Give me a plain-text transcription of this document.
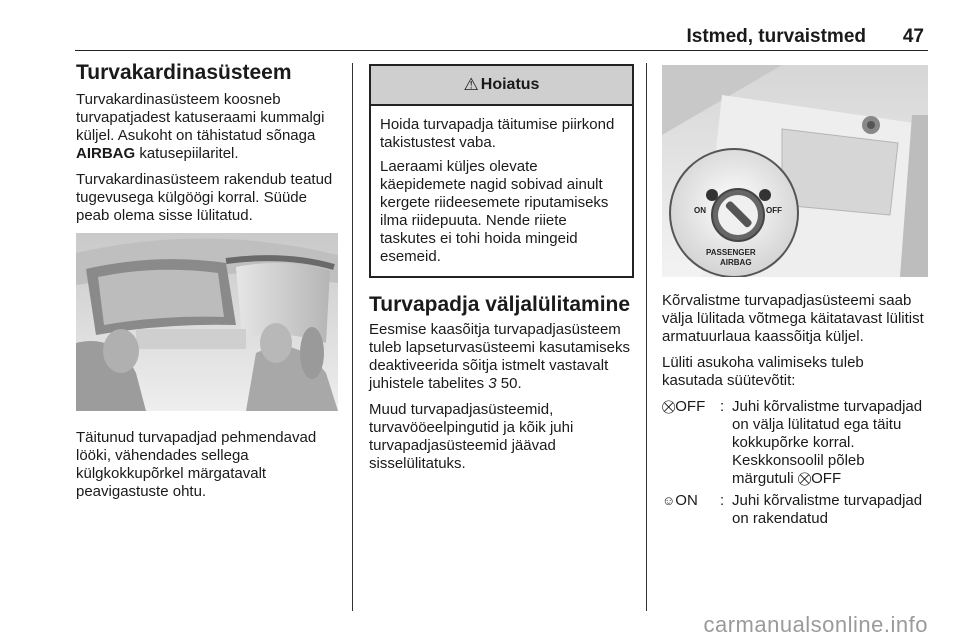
Istmed, turvaistmed 47
Turvakardinasüsteem

Turvakardinasüsteem koosneb turvapatjadest katuseraami kummalgi küljel. Asukoht on tähistatud sõnaga AIRBAG katusepiilaritel.

Turvakardinasüsteem rakendub teatud tugevusega külgöögi korral. Süüde peab olema sisse lülitatud.

Täitunud turvapadjad pehmendavad lööki, vähendades sellega külgkokkupõrkel märgatavalt peavigastuste ohtu.

⚠ Hoiatus

Hoida turvapadja täitumise piirkond takistustest vaba.

Laeraami küljes olevate käepidemete nagid sobivad ainult kergete riideesemete riputamiseks ilma riidepuuta. Nende riiete taskutes ei tohi hoida mingeid esemeid.

Turvapadja väljalülitamine

Eesmise kaasõitja turvapadjasüsteem tuleb lapseturvasüsteemi kasutamiseks deaktiveerida sõitja istmelt vastavalt juhistele tabelites 3 50.

Muud turvapadjasüsteemid, turvavööeelpingutid ja kõik juhi turvapadjasüsteemid jäävad sisselülitatuks.

ON	OFF
PASSENGER
AIRBAG

Kõrvalistme turvapadjasüsteemi saab välja lülitada võtmega käitatavast lülitist armatuurlaua kaassõitja küljel.

Lüliti asukoha valimiseks tuleb kasutada süütevõtit:

⛒OFF : Juhi kõrvalistme turvapadjad on välja lülitatud ega täitu kokkupõrke korral. Keskkonsoolil põleb märgutuli ⛒OFF
☺ON	: Juhi kõrvalistme turvapadjad on rakendatud
carmanualsonline.info
